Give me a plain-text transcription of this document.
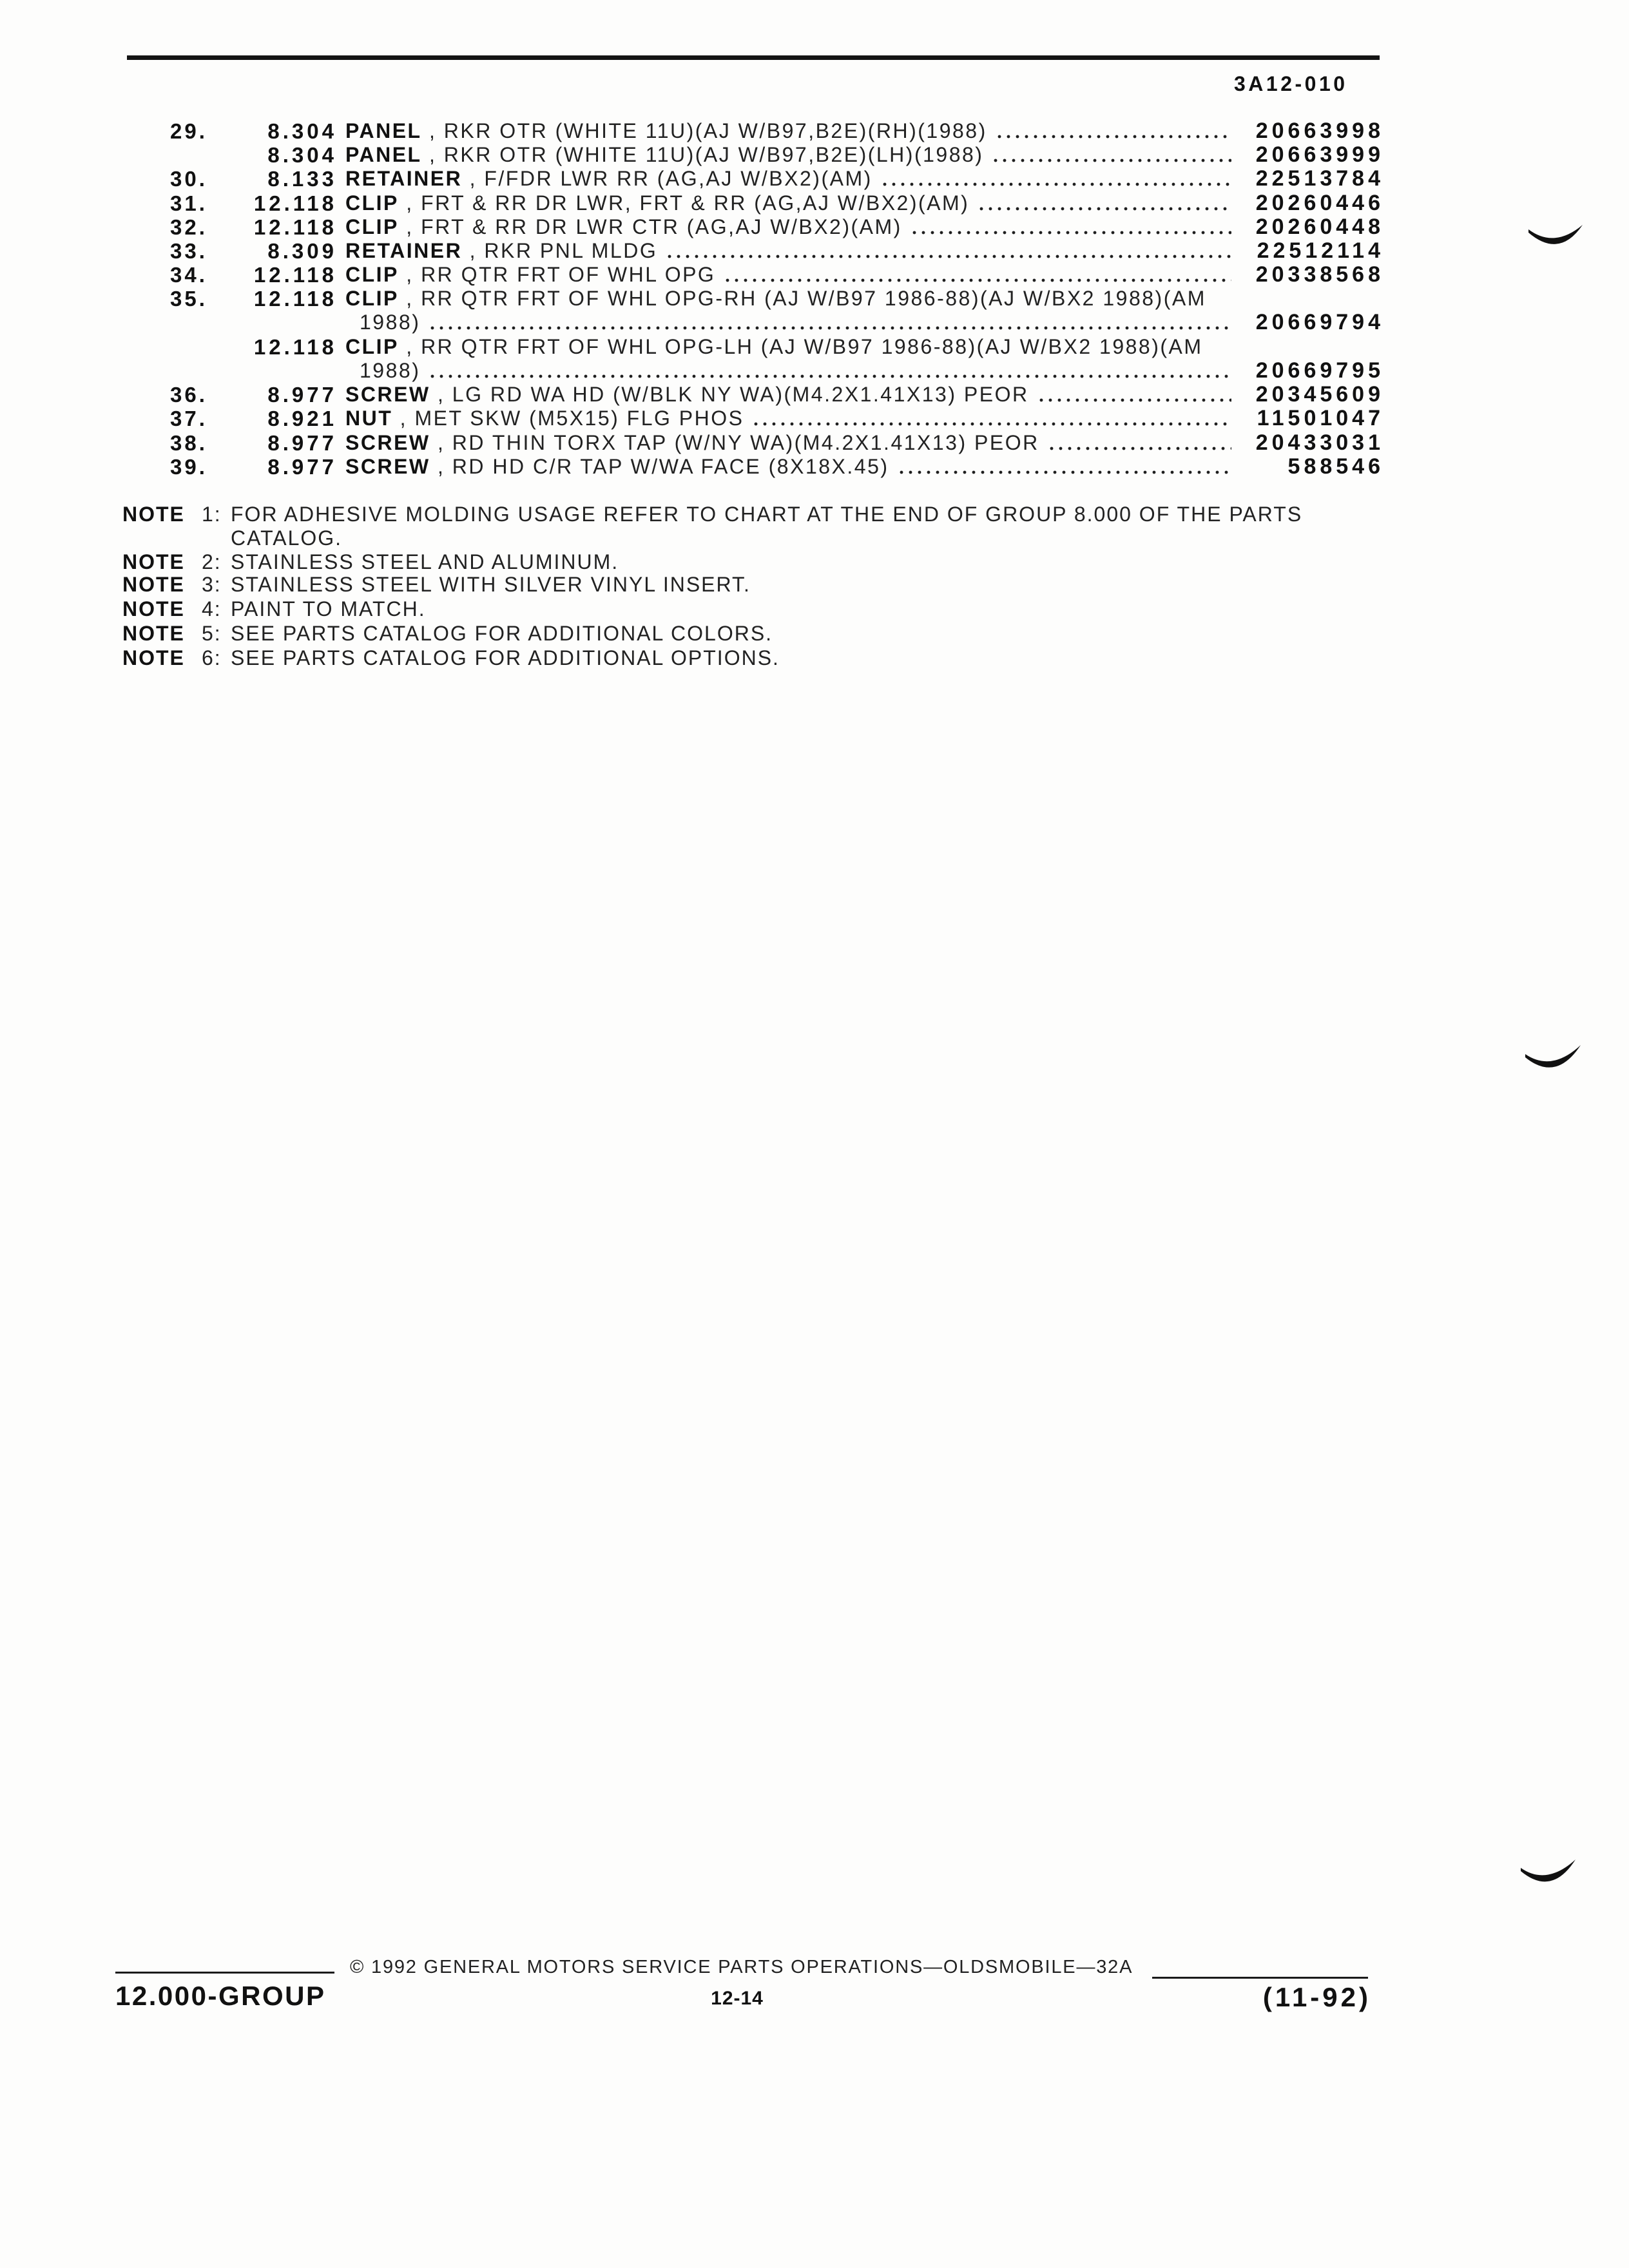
3A12-010
29.	8.304 PANEL , RKR OTR (WHITE 11U)(AJ W/B97,B2E)(RH)(1988)	20663998
8.304 PANEL , RKR OTR (WHITE 11U)(AJ W/B97,B2E)(LH)(1988)	20663999
30.	8.133 RETAINER , F/FDR LWR RR (AG,AJ W/BX2)(AM)	22513784
31. 12.118 CLIP , FRT & RR DR LWR, FRT & RR (AG,AJ W/BX2)(AM)	20260446
32. 12.118 CLIP , FRT & RR DR LWR CTR (AG,AJ W/BX2)(AM)	20260448
33.	8.309 RETAINER , RKR PNL MLDG	22512114
34. 12.118 CLIP , RR QTR FRT OF WHL OPG	20338568
35. 12.118 CLIP , RR QTR FRT OF WHL OPG-RH (AJ W/B97 1986-88)(AJ W/BX2 1988)(AM
1988)	20669794
12.118 CLIP , RR QTR FRT OF WHL OPG-LH (AJ W/B97 1986-88)(AJ W/BX2 1988)(AM
1988)	20669795
36.	8.977 SCREW , LG RD WA HD (W/BLK NY WA)(M4.2X1.41X13) PEOR	20345609
37.	8.921 NUT , MET SKW (M5X15) FLG PHOS	11501047
38.	8.977 SCREW , RD THIN TORX TAP (W/NY WA)(M4.2X1.41X13) PEOR	20433031
39.	8.977 SCREW , RD HD C/R TAP W/WA FACE (8X18X.45)	588546
NOTE 1: FOR ADHESIVE MOLDING USAGE REFER TO CHART AT THE END OF GROUP 8.000 OF THE PARTS
CATALOG.
NOTE 2: STAINLESS STEEL AND ALUMINUM.
NOTE 3: STAINLESS STEEL WITH SILVER VINYL INSERT.
NOTE 4: PAINT TO MATCH.
NOTE 5: SEE PARTS CATALOG FOR ADDITIONAL COLORS.
NOTE 6: SEE PARTS CATALOG FOR ADDITIONAL OPTIONS.
© 1992 GENERAL MOTORS SERVICE PARTS OPERATIONS—OLDSMOBILE—32A
12.000-GROUP	12-14	(11-92)
